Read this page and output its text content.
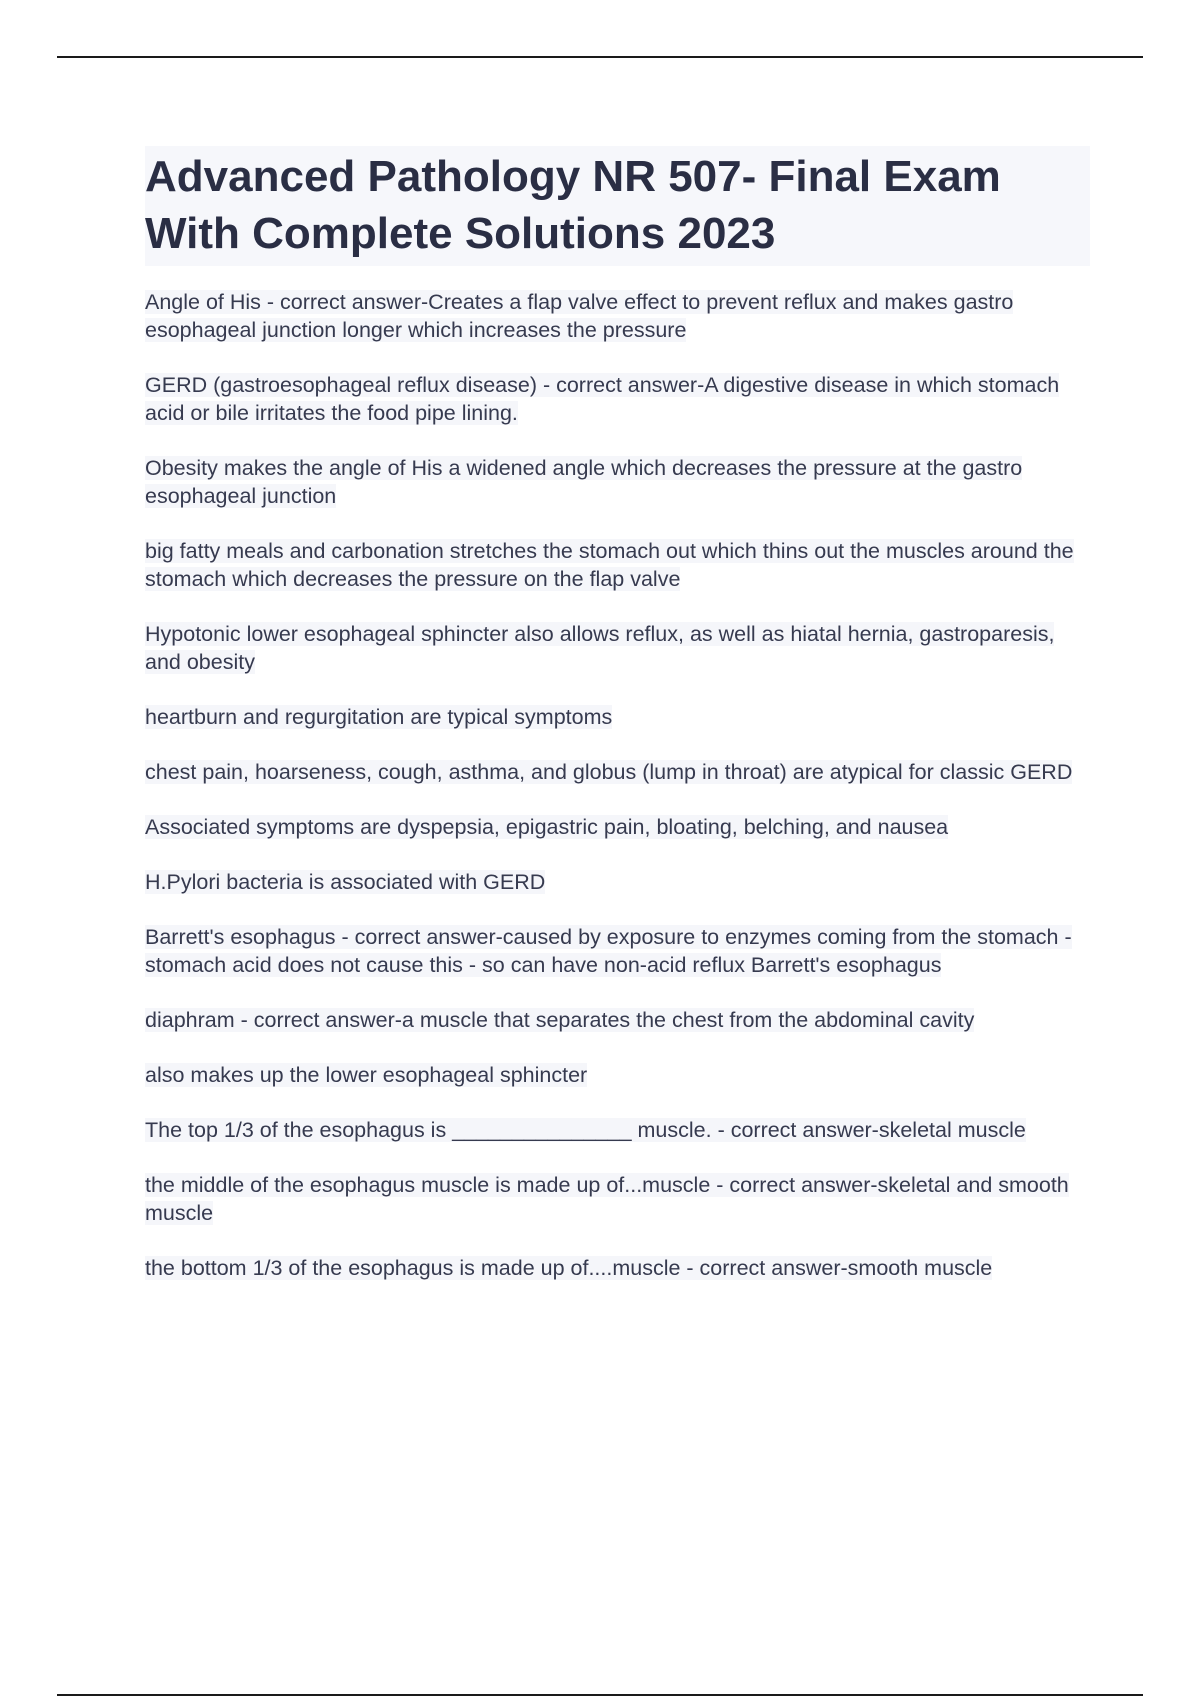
Advanced Pathology NR 507- Final Exam
With Complete Solutions 2023

Angle of His - correct answer-Creates a flap valve effect to prevent reflux and makes gastro esophageal junction longer which increases the pressure

GERD (gastroesophageal reflux disease) - correct answer-A digestive disease in which stomach acid or bile irritates the food pipe lining.

Obesity makes the angle of His a widened angle which decreases the pressure at the gastro esophageal junction

big fatty meals and carbonation stretches the stomach out which thins out the muscles around the stomach which decreases the pressure on the flap valve

Hypotonic lower esophageal sphincter also allows reflux, as well as hiatal hernia, gastroparesis, and obesity

heartburn and regurgitation are typical symptoms

chest pain, hoarseness, cough, asthma, and globus (lump in throat) are atypical for classic GERD

Associated symptoms are dyspepsia, epigastric pain, bloating, belching, and nausea

H.Pylori bacteria is associated with GERD

Barrett's esophagus - correct answer-caused by exposure to enzymes coming from the stomach - stomach acid does not cause this - so can have non-acid reflux Barrett's esophagus

diaphram - correct answer-a muscle that separates the chest from the abdominal cavity

also makes up the lower esophageal sphincter

The top 1/3 of the esophagus is _______________ muscle. - correct answer-skeletal muscle

the middle of the esophagus muscle is made up of...muscle - correct answer-skeletal and smooth muscle

the bottom 1/3 of the esophagus is made up of....muscle - correct answer-smooth muscle
